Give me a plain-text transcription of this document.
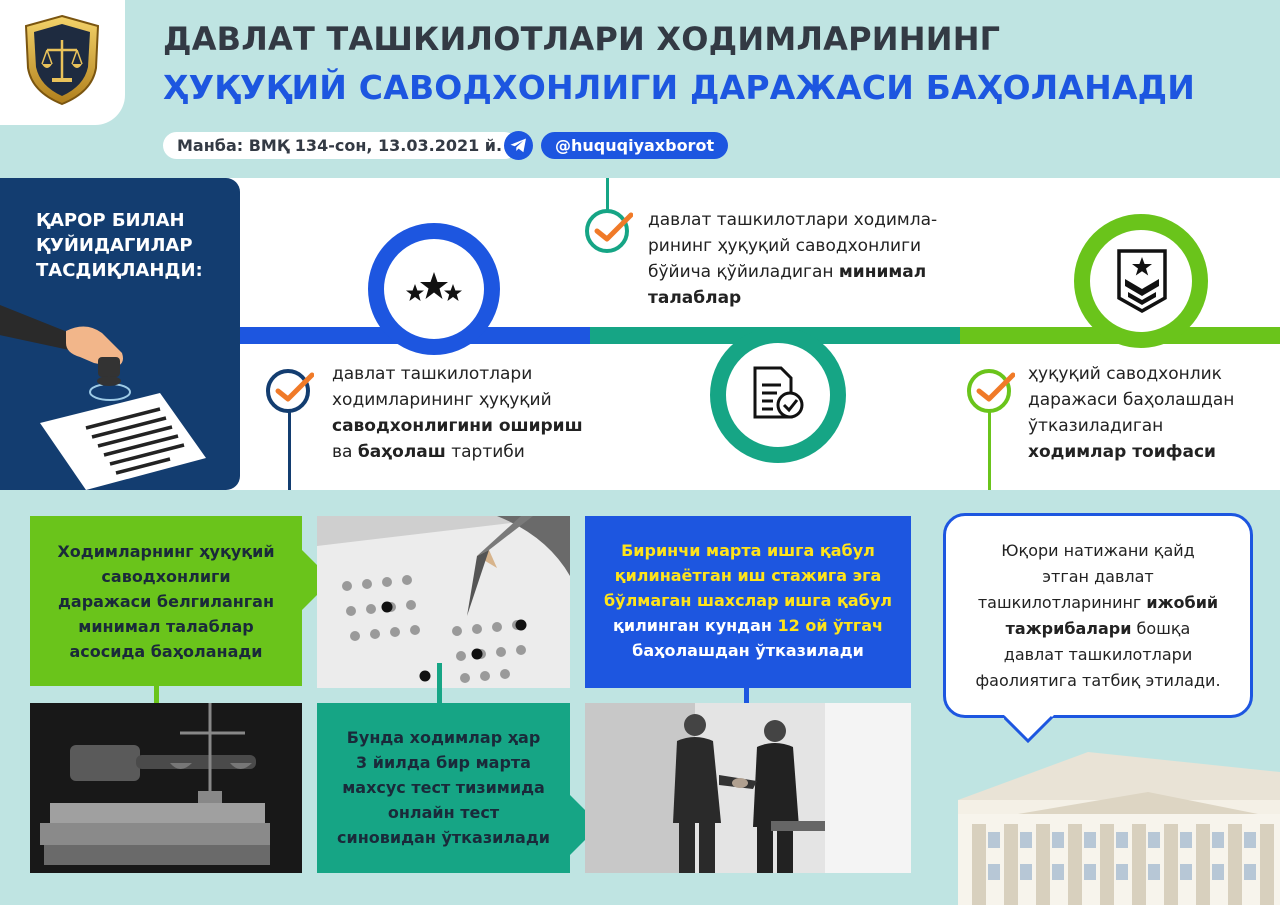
ДАВЛАТ ТАШКИЛОТЛАРИ ХОДИМЛАРИНИНГ
ҲУҚУҚИЙ САВОДХОНЛИГИ ДАРАЖАСИ БАҲОЛАНАДИ
Манба: ВМҚ 134-сон, 13.03.2021 й.	@huquqiyaxborot
ҚАРОР БИЛАН
ҚУЙИДАГИЛАР
ТАСДИҚЛАНДИ:
давлат ташкилотлари
ходимларининг ҳуқуқий
саводхонлигини ошириш
ва баҳолаш тартиби
давлат ташкилотлари ходимла-
рининг ҳуқуқий саводхонлиги
бўйича қўйиладиган минимал
талаблар
ҳуқуқий саводхонлик
даражаси баҳолашдан
ўтказиладиган
ходимлар тоифаси
Ходимларнинг ҳуқуқий
саводхонлиги
даражаси белгиланган
минимал талаблар
асосида баҳоланади
Биринчи марта ишга қабул
қилинаётган иш стажига эга
бўлмаган шахслар ишга қабул
қилинган кундан 12 ой ўтгач
баҳолашдан ўтказилади
Бунда ходимлар ҳар
3 йилда бир марта
махсус тест тизимида
онлайн тест
синовидан ўтказилади
Юқори натижани қайд
этган давлат
ташкилотларининг ижобий
тажрибалари бошқа
давлат ташкилотлари
фаолиятига татбиқ этилади.
